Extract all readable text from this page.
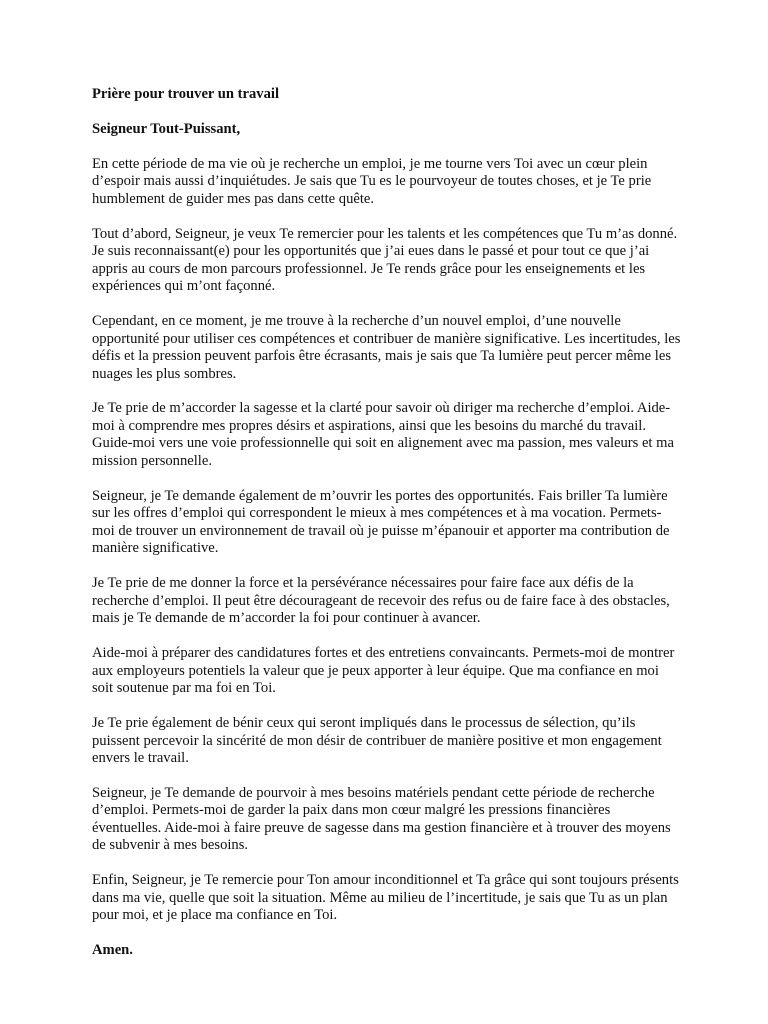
Prière pour trouver un travail

Seigneur Tout-Puissant,

En cette période de ma vie où je recherche un emploi, je me tourne vers Toi avec un cœur plein d’espoir mais aussi d’inquiétudes. Je sais que Tu es le pourvoyeur de toutes choses, et je Te prie humblement de guider mes pas dans cette quête.

Tout d’abord, Seigneur, je veux Te remercier pour les talents et les compétences que Tu m’as donné. Je suis reconnaissant(e) pour les opportunités que j’ai eues dans le passé et pour tout ce que j’ai appris au cours de mon parcours professionnel. Je Te rends grâce pour les enseignements et les expériences qui m’ont façonné.

Cependant, en ce moment, je me trouve à la recherche d’un nouvel emploi, d’une nouvelle opportunité pour utiliser ces compétences et contribuer de manière significative. Les incertitudes, les défis et la pression peuvent parfois être écrasants, mais je sais que Ta lumière peut percer même les nuages les plus sombres.

Je Te prie de m’accorder la sagesse et la clarté pour savoir où diriger ma recherche d’emploi. Aide-moi à comprendre mes propres désirs et aspirations, ainsi que les besoins du marché du travail. Guide-moi vers une voie professionnelle qui soit en alignement avec ma passion, mes valeurs et ma mission personnelle.

Seigneur, je Te demande également de m’ouvrir les portes des opportunités. Fais briller Ta lumière sur les offres d’emploi qui correspondent le mieux à mes compétences et à ma vocation. Permets-moi de trouver un environnement de travail où je puisse m’épanouir et apporter ma contribution de manière significative.

Je Te prie de me donner la force et la persévérance nécessaires pour faire face aux défis de la recherche d’emploi. Il peut être décourageant de recevoir des refus ou de faire face à des obstacles, mais je Te demande de m’accorder la foi pour continuer à avancer.

Aide-moi à préparer des candidatures fortes et des entretiens convaincants. Permets-moi de montrer aux employeurs potentiels la valeur que je peux apporter à leur équipe. Que ma confiance en moi soit soutenue par ma foi en Toi.

Je Te prie également de bénir ceux qui seront impliqués dans le processus de sélection, qu’ils puissent percevoir la sincérité de mon désir de contribuer de manière positive et mon engagement envers le travail.

Seigneur, je Te demande de pourvoir à mes besoins matériels pendant cette période de recherche d’emploi. Permets-moi de garder la paix dans mon cœur malgré les pressions financières éventuelles. Aide-moi à faire preuve de sagesse dans ma gestion financière et à trouver des moyens de subvenir à mes besoins.

Enfin, Seigneur, je Te remercie pour Ton amour inconditionnel et Ta grâce qui sont toujours présents dans ma vie, quelle que soit la situation. Même au milieu de l’incertitude, je sais que Tu as un plan pour moi, et je place ma confiance en Toi.

Amen.
